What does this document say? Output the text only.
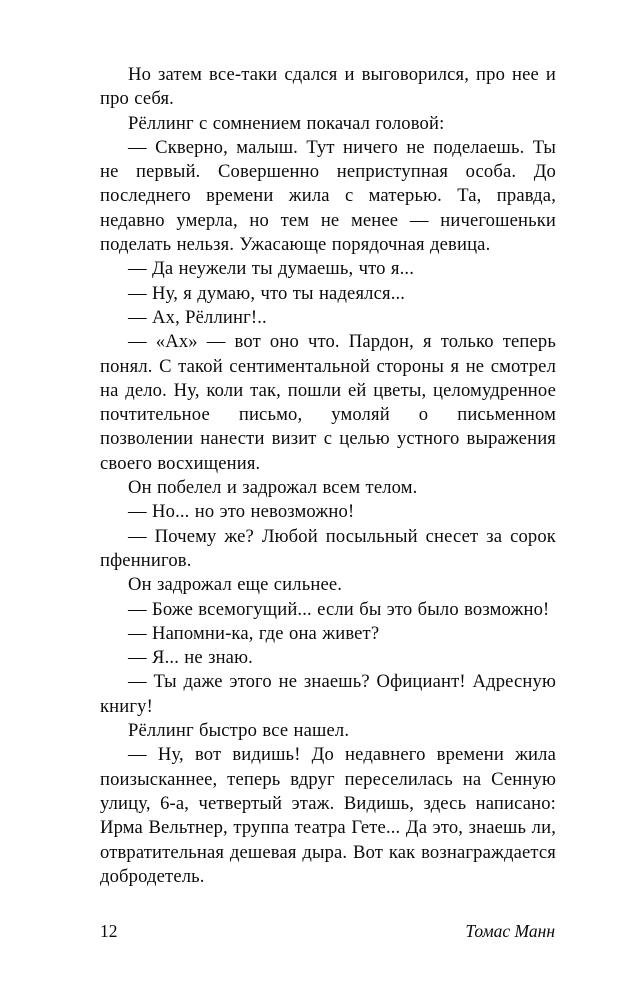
Но затем все-таки сдался и выговорился, про нее и про себя.

Рёллинг с сомнением покачал головой:

— Скверно, малыш. Тут ничего не поделаешь. Ты не первый. Совершенно неприступная особа. До последнего времени жила с матерью. Та, правда, недавно умерла, но тем не менее — ничегошеньки поделать нельзя. Ужасающе порядочная девица.

— Да неужели ты думаешь, что я...

— Ну, я думаю, что ты надеялся...

— Ах, Рёллинг!..

— «Ах» — вот оно что. Пардон, я только теперь понял. С такой сентиментальной стороны я не смотрел на дело. Ну, коли так, пошли ей цветы, целомудренное почтительное письмо, умоляй о письменном позволении нанести визит с целью устного выражения своего восхищения.

Он побелел и задрожал всем телом.

— Но... но это невозможно!

— Почему же? Любой посыльный снесет за сорок пфеннигов.

Он задрожал еще сильнее.

— Боже всемогущий... если бы это было возможно!

— Напомни-ка, где она живет?

— Я... не знаю.

— Ты даже этого не знаешь? Официант! Адресную книгу!

Рёллинг быстро все нашел.

— Ну, вот видишь! До недавнего времени жила поизысканнее, теперь вдруг переселилась на Сенную улицу, 6-а, четвертый этаж. Видишь, здесь написано: Ирма Вельтнер, труппа театра Гете... Да это, знаешь ли, отвратительная дешевая дыра. Вот как вознаграждается добродетель.

12	Томас Манн
